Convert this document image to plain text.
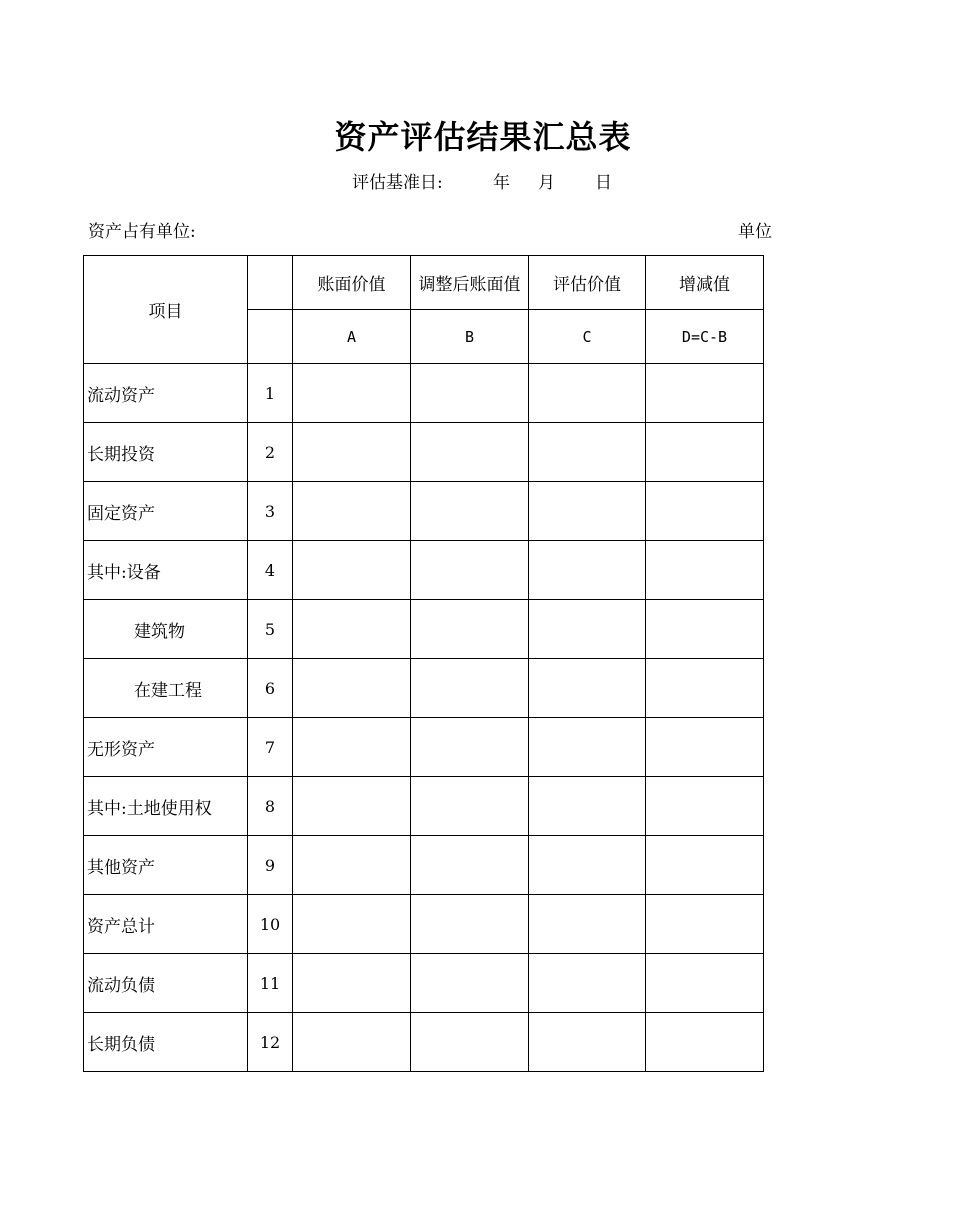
资产评估结果汇总表
评估基准日:	年 月 日
资产占有单位:	单位
项目		账面价值	调整后账面值	评估价值	增减值
		A	B	C	D=C-B
流动资产	1				
长期投资	2				
固定资产	3				
其中:设备	4				
建筑物	5				
在建工程	6				
无形资产	7				
其中:土地使用权	8				
其他资产	9				
资产总计	10				
流动负债	11				
长期负债	12				
